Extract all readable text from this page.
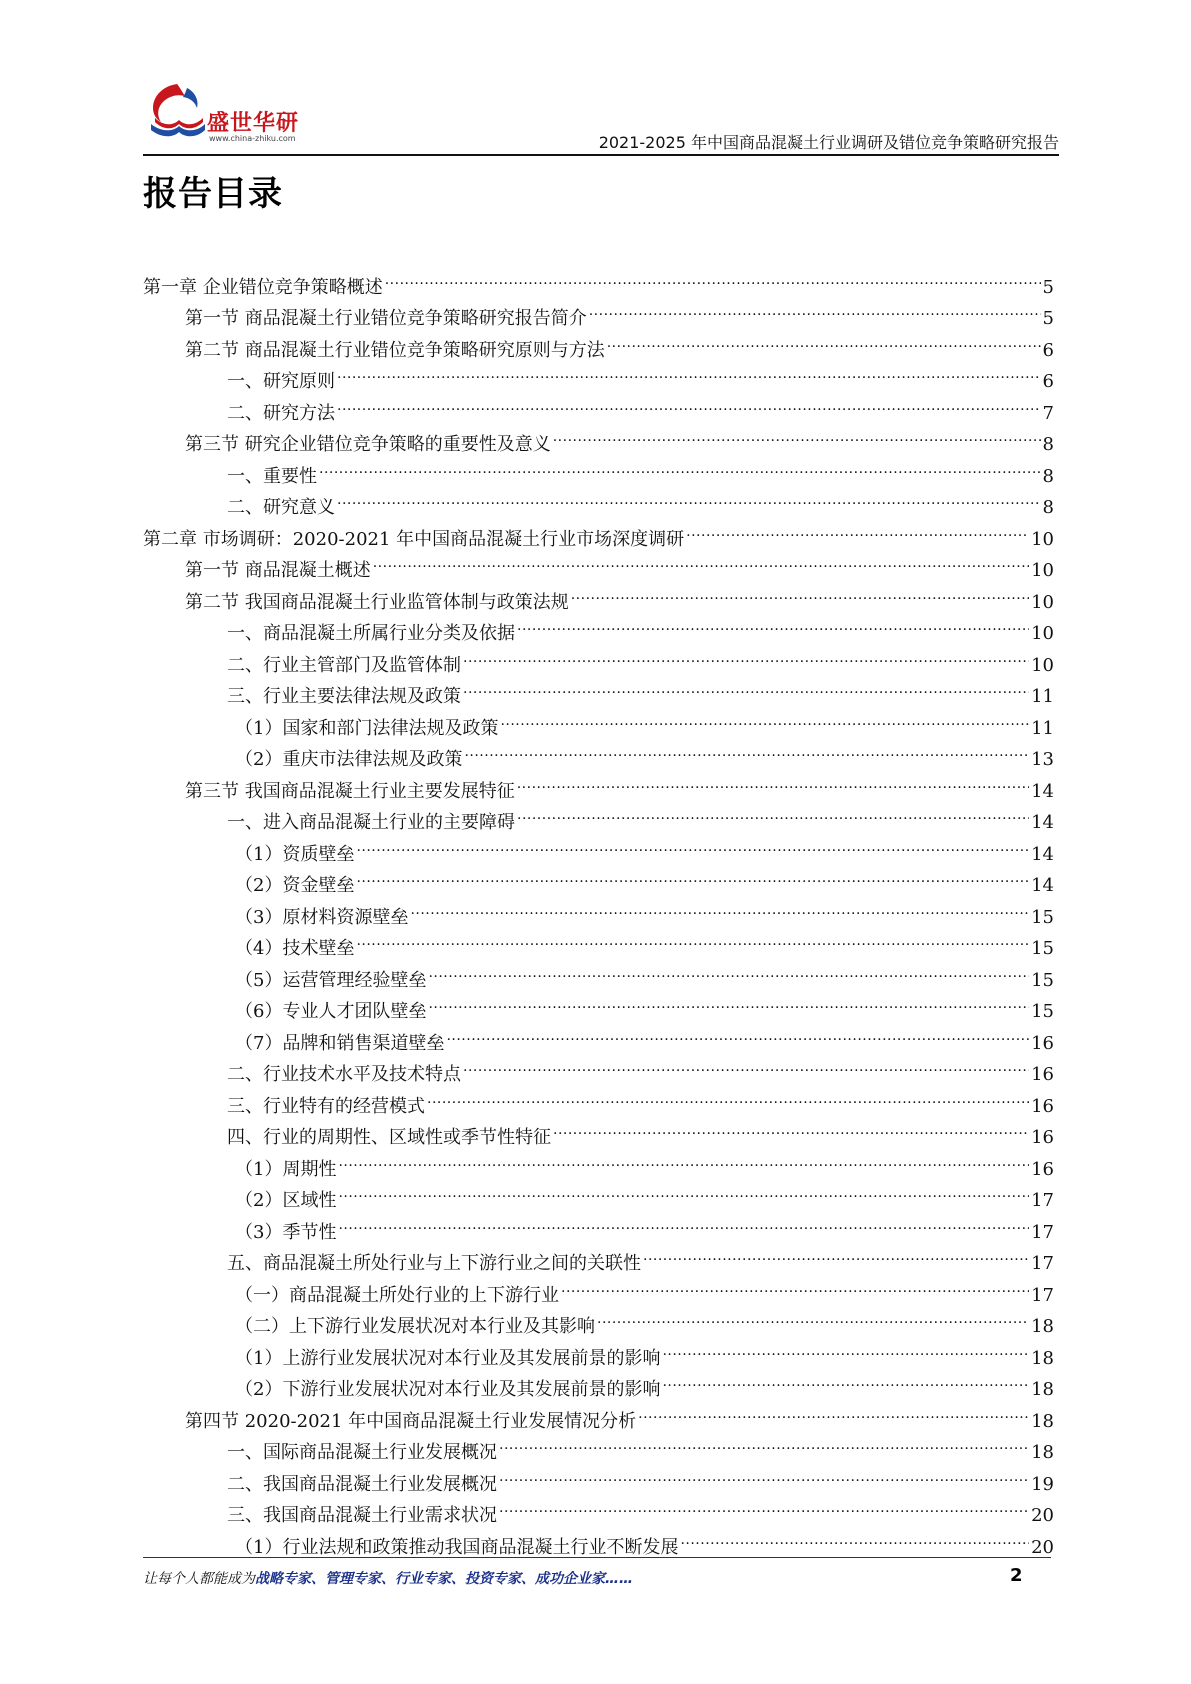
盛世华研
www.china-zhiku.com	2021-2025 年中国商品混凝土行业调研及错位竞争策略研究报告
报告目录
第一章 企业错位竞争策略概述 .....	5
第一节 商品混凝土行业错位竞争策略研究报告简介 .....	5
第二节 商品混凝土行业错位竞争策略研究原则与方法 .....	6
一、研究原则 .....	6
二、研究方法 .....	7
第三节 研究企业错位竞争策略的重要性及意义 .....	8
一、重要性 .....	8
二、研究意义 .....	8
第二章 市场调研：2020-2021 年中国商品混凝土行业市场深度调研 .....	10
第一节 商品混凝土概述 .....	10
第二节 我国商品混凝土行业监管体制与政策法规 .....	10
一、商品混凝土所属行业分类及依据 .....	10
二、行业主管部门及监管体制 .....	10
三、行业主要法律法规及政策 .....	11
（1）国家和部门法律法规及政策 .....	11
（2）重庆市法律法规及政策 .....	13
第三节 我国商品混凝土行业主要发展特征 .....	14
一、进入商品混凝土行业的主要障碍 .....	14
（1）资质壁垒 .....	14
（2）资金壁垒 .....	14
（3）原材料资源壁垒 .....	15
（4）技术壁垒 .....	15
（5）运营管理经验壁垒 .....	15
（6）专业人才团队壁垒 .....	15
（7）品牌和销售渠道壁垒 .....	16
二、行业技术水平及技术特点 .....	16
三、行业特有的经营模式 .....	16
四、行业的周期性、区域性或季节性特征 .....	16
（1）周期性 .....	16
（2）区域性 .....	17
（3）季节性 .....	17
五、商品混凝土所处行业与上下游行业之间的关联性 .....	17
（一）商品混凝土所处行业的上下游行业 .....	17
（二）上下游行业发展状况对本行业及其影响 .....	18
（1）上游行业发展状况对本行业及其发展前景的影响 .....	18
（2）下游行业发展状况对本行业及其发展前景的影响 .....	18
第四节 2020-2021 年中国商品混凝土行业发展情况分析 .....	18
一、国际商品混凝土行业发展概况 .....	18
二、我国商品混凝土行业发展概况 .....	19
三、我国商品混凝土行业需求状况 .....	20
（1）行业法规和政策推动我国商品混凝土行业不断发展 .....	20
让每个人都能成为战略专家、管理专家、行业专家、投资专家、成功企业家……	2
